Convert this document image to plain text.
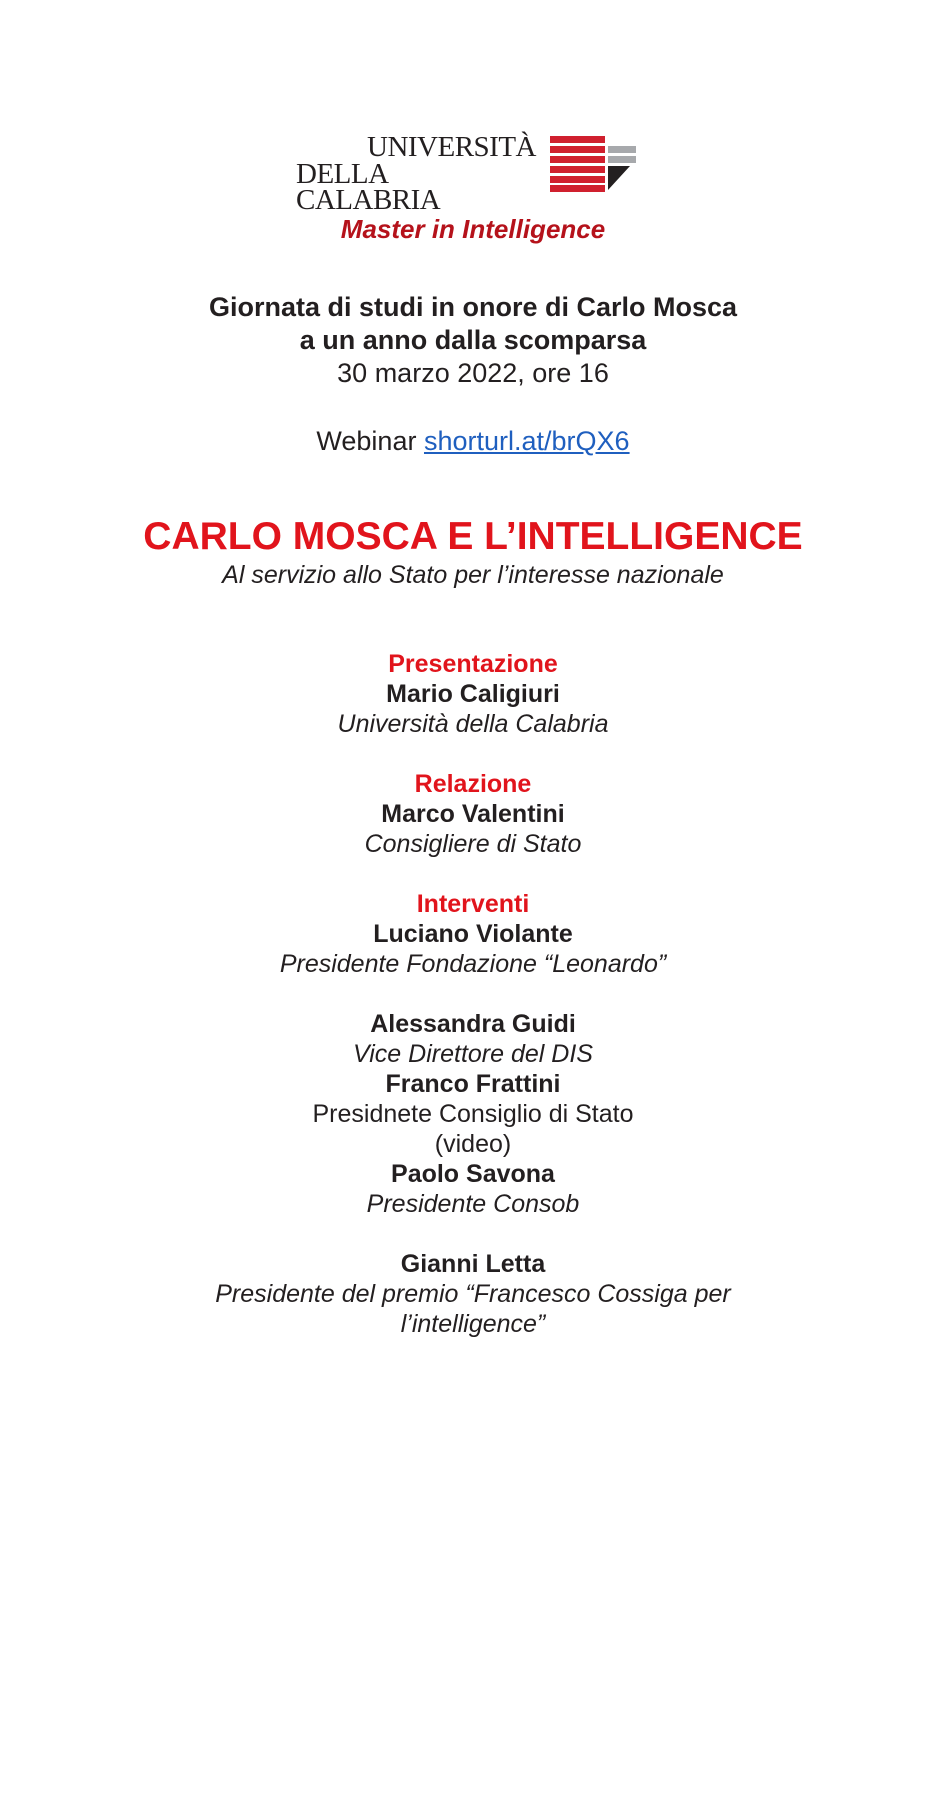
UNIVERSITÀ
DELLA CALABRIA
Master in Intelligence
Giornata di studi in onore di Carlo Mosca
a un anno dalla scomparsa
30 marzo 2022, ore 16
Webinar shorturl.at/brQX6
CARLO MOSCA E L’INTELLIGENCE
Al servizio allo Stato per l’interesse nazionale
Presentazione
Mario Caligiuri
Università della Calabria
Relazione
Marco Valentini
Consigliere di Stato
Interventi
Luciano Violante
Presidente Fondazione “Leonardo”
Alessandra Guidi
Vice Direttore del DIS
Franco Frattini
Presidnete Consiglio di Stato
(video)
Paolo Savona
Presidente Consob
Gianni Letta
Presidente del premio “Francesco Cossiga per
l’intelligence”
